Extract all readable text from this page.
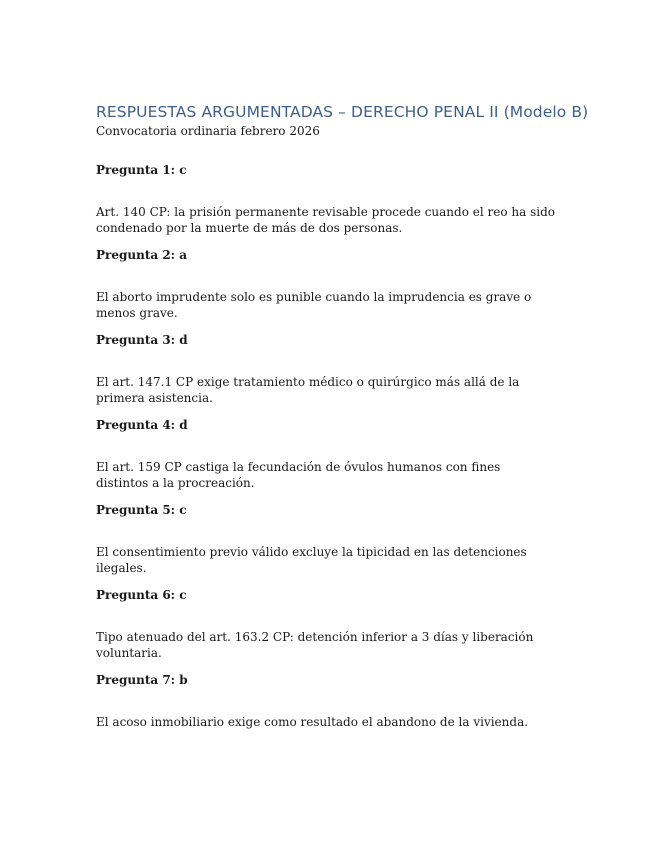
RESPUESTAS ARGUMENTADAS – DERECHO PENAL II (Modelo B)

Convocatoria ordinaria febrero 2026

Pregunta 1: c

Art. 140 CP: la prisión permanente revisable procede cuando el reo ha sido condenado por la muerte de más de dos personas.

Pregunta 2: a

El aborto imprudente solo es punible cuando la imprudencia es grave o menos grave.

Pregunta 3: d

El art. 147.1 CP exige tratamiento médico o quirúrgico más allá de la primera asistencia.

Pregunta 4: d

El art. 159 CP castiga la fecundación de óvulos humanos con fines distintos a la procreación.

Pregunta 5: c

El consentimiento previo válido excluye la tipicidad en las detenciones ilegales.

Pregunta 6: c

Tipo atenuado del art. 163.2 CP: detención inferior a 3 días y liberación voluntaria.

Pregunta 7: b

El acoso inmobiliario exige como resultado el abandono de la vivienda.
